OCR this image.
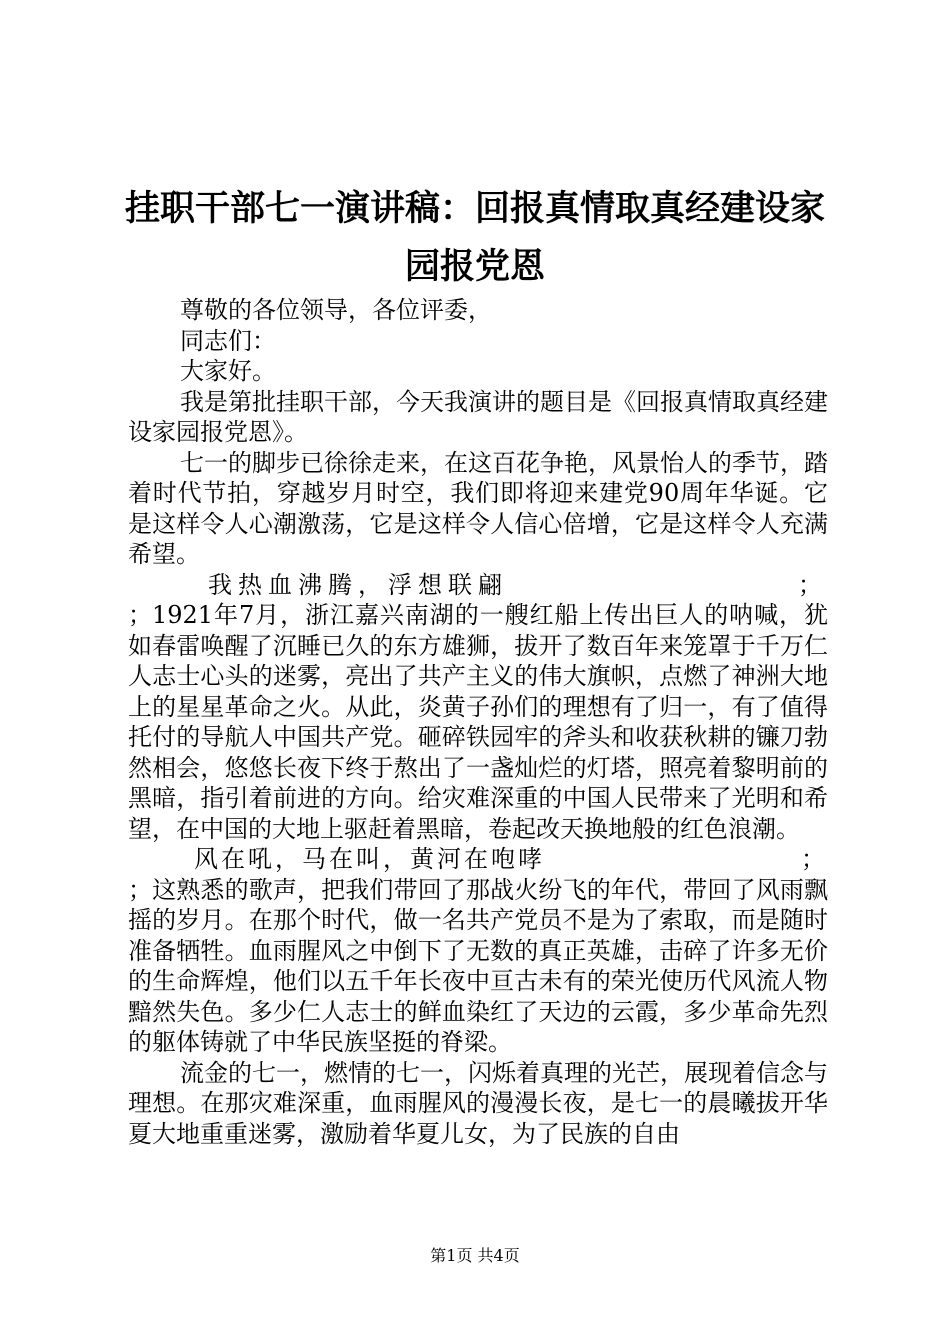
挂职干部七一演讲稿：回报真情取真经建设家
园报党恩

尊敬的各位领导，各位评委，

同志们：

大家好。

我是第批挂职干部，今天我演讲的题目是《回报真情取真经建设家园报党恩》。

七一的脚步已徐徐走来，在这百花争艳，风景怡人的季节，踏着时代节拍，穿越岁月时空，我们即将迎来建党90周年华诞。它是这样令人心潮激荡，它是这样令人信心倍增，它是这样令人充满希望。

我热血沸腾，浮想联翩	；

；1921年7月，浙江嘉兴南湖的一艘红船上传出巨人的呐喊，犹如春雷唤醒了沉睡已久的东方雄狮，拔开了数百年来笼罩于千万仁人志士心头的迷雾，亮出了共产主义的伟大旗帜，点燃了神洲大地上的星星革命之火。从此，炎黄子孙们的理想有了归一，有了值得托付的导航人中国共产党。砸碎铁园牢的斧头和收获秋耕的镰刀勃然相会，悠悠长夜下终于熬出了一盏灿烂的灯塔，照亮着黎明前的黑暗，指引着前进的方向。给灾难深重的中国人民带来了光明和希望，在中国的大地上驱赶着黑暗，卷起改天换地般的红色浪潮。

风在吼，马在叫，黄河在咆哮	；

；这熟悉的歌声，把我们带回了那战火纷飞的年代，带回了风雨飘摇的岁月。在那个时代，做一名共产党员不是为了索取，而是随时准备牺牲。血雨腥风之中倒下了无数的真正英雄，击碎了许多无价的生命辉煌，他们以五千年长夜中亘古未有的荣光使历代风流人物黯然失色。多少仁人志士的鲜血染红了天边的云霞，多少革命先烈的躯体铸就了中华民族坚挺的脊梁。

流金的七一，燃情的七一，闪烁着真理的光芒，展现着信念与理想。在那灾难深重，血雨腥风的漫漫长夜，是七一的晨曦拔开华夏大地重重迷雾，激励着华夏儿女，为了民族的自由

第1页 共4页
